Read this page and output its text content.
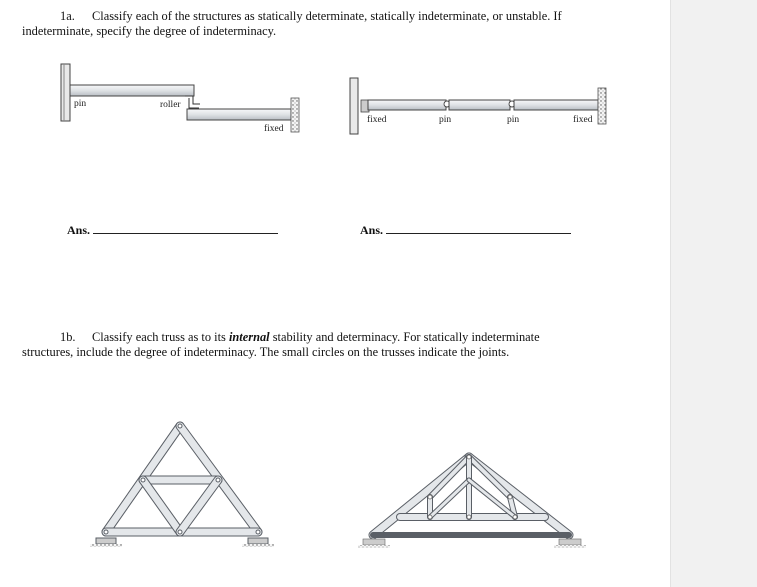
1a. Classify each of the structures as statically determinate, statically indeterminate, or unstable. If
indeterminate, specify the degree of indeterminacy.
pin	roller
fixed
fixed	pin	pin	fixed
Ans.	Ans.
1b. Classify each truss as to its internal stability and determinacy. For statically indeterminate
structures, include the degree of indeterminacy. The small circles on the trusses indicate the joints.
